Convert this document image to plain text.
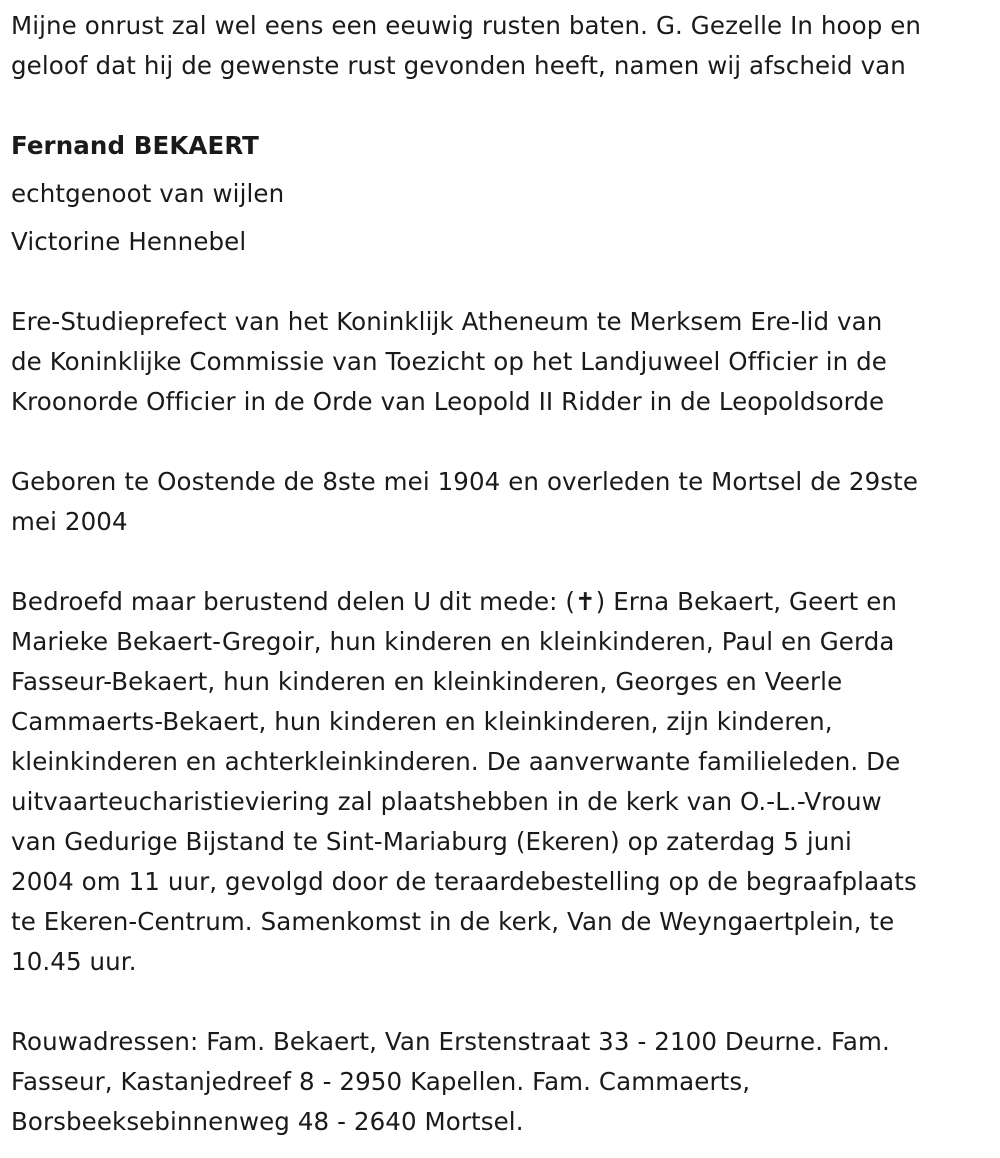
Mijne onrust zal wel eens een eeuwig rusten baten. G. Gezelle In hoop en
geloof dat hij de gewenste rust gevonden heeft, namen wij afscheid van
Fernand BEKAERT
echtgenoot van wijlen
Victorine Hennebel
Ere-Studieprefect van het Koninklijk Atheneum te Merksem Ere-lid van
de Koninklijke Commissie van Toezicht op het Landjuweel Officier in de
Kroonorde Officier in de Orde van Leopold II Ridder in de Leopoldsorde
Geboren te Oostende de 8ste mei 1904 en overleden te Mortsel de 29ste
mei 2004
Bedroefd maar berustend delen U dit mede: (✝) Erna Bekaert, Geert en
Marieke Bekaert-Gregoir, hun kinderen en kleinkinderen, Paul en Gerda
Fasseur-Bekaert, hun kinderen en kleinkinderen, Georges en Veerle
Cammaerts-Bekaert, hun kinderen en kleinkinderen, zijn kinderen,
kleinkinderen en achterkleinkinderen. De aanverwante familieleden. De
uitvaarteucharistieviering zal plaatshebben in de kerk van O.-L.-Vrouw
van Gedurige Bijstand te Sint-Mariaburg (Ekeren) op zaterdag 5 juni
2004 om 11 uur, gevolgd door de teraardebestelling op de begraafplaats
te Ekeren-Centrum. Samenkomst in de kerk, Van de Weyngaertplein, te
10.45 uur.
Rouwadressen: Fam. Bekaert, Van Erstenstraat 33 - 2100 Deurne. Fam.
Fasseur, Kastanjedreef 8 - 2950 Kapellen. Fam. Cammaerts,
Borsbeeksebinnenweg 48 - 2640 Mortsel.
